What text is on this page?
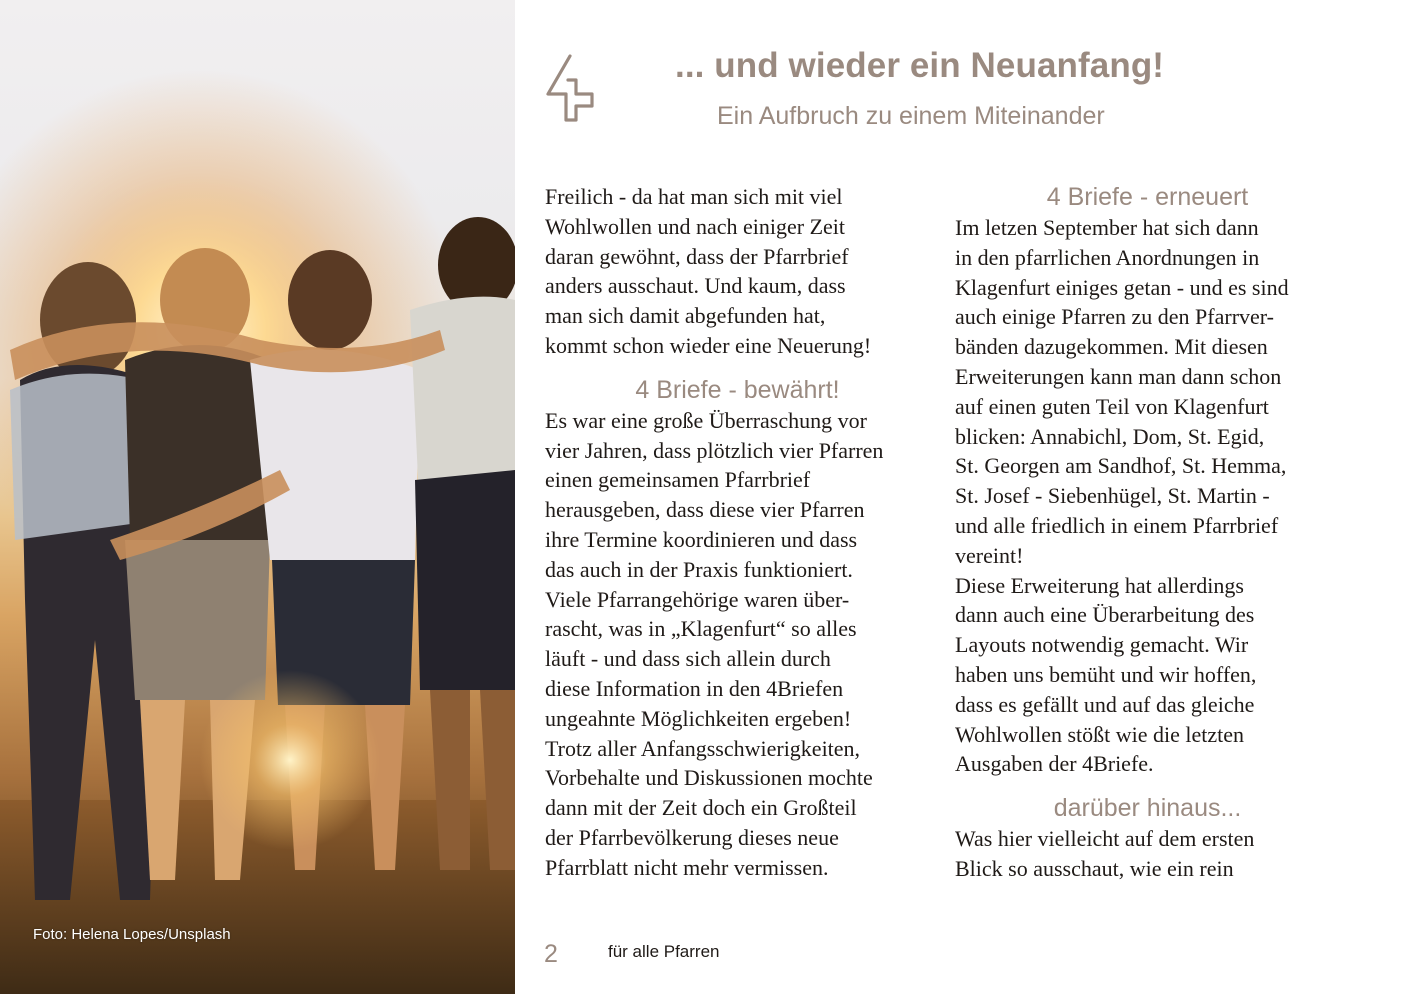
Foto: Helena Lopes/Unsplash
... und wieder ein Neuanfang!
Ein Aufbruch zu einem Miteinander

Freilich - da hat man sich mit viel
Wohlwollen und nach einiger Zeit
daran gewöhnt, dass der Pfarrbrief
anders ausschaut. Und kaum, dass
man sich damit abgefunden hat,
kommt schon wieder eine Neuerung!

4 Briefe - bewährt!

Es war eine große Überraschung vor
vier Jahren, dass plötzlich vier Pfarren
einen gemeinsamen Pfarrbrief
herausgeben, dass diese vier Pfarren
ihre Termine koordinieren und dass
das auch in der Praxis funktioniert.
Viele Pfarrangehörige waren über-
rascht, was in „Klagenfurt“ so alles
läuft - und dass sich allein durch
diese Information in den 4Briefen
ungeahnte Möglichkeiten ergeben!
Trotz aller Anfangsschwierigkeiten,
Vorbehalte und Diskussionen mochte
dann mit der Zeit doch ein Großteil
der Pfarrbevölkerung dieses neue
Pfarrblatt nicht mehr vermissen.

4 Briefe - erneuert

Im letzen September hat sich dann
in den pfarrlichen Anordnungen in
Klagenfurt einiges getan - und es sind
auch einige Pfarren zu den Pfarrver-
bänden dazugekommen. Mit diesen
Erweiterungen kann man dann schon
auf einen guten Teil von Klagenfurt
blicken: Annabichl, Dom, St. Egid,
St. Georgen am Sandhof, St. Hemma,
St. Josef - Siebenhügel, St. Martin -
und alle friedlich in einem Pfarrbrief
vereint!
Diese Erweiterung hat allerdings
dann auch eine Überarbeitung des
Layouts notwendig gemacht. Wir
haben uns bemüht und wir hoffen,
dass es gefällt und auf das gleiche
Wohlwollen stößt wie die letzten
Ausgaben der 4Briefe.

darüber hinaus...

Was hier vielleicht auf dem ersten
Blick so ausschaut, wie ein rein

2	für alle Pfarren
